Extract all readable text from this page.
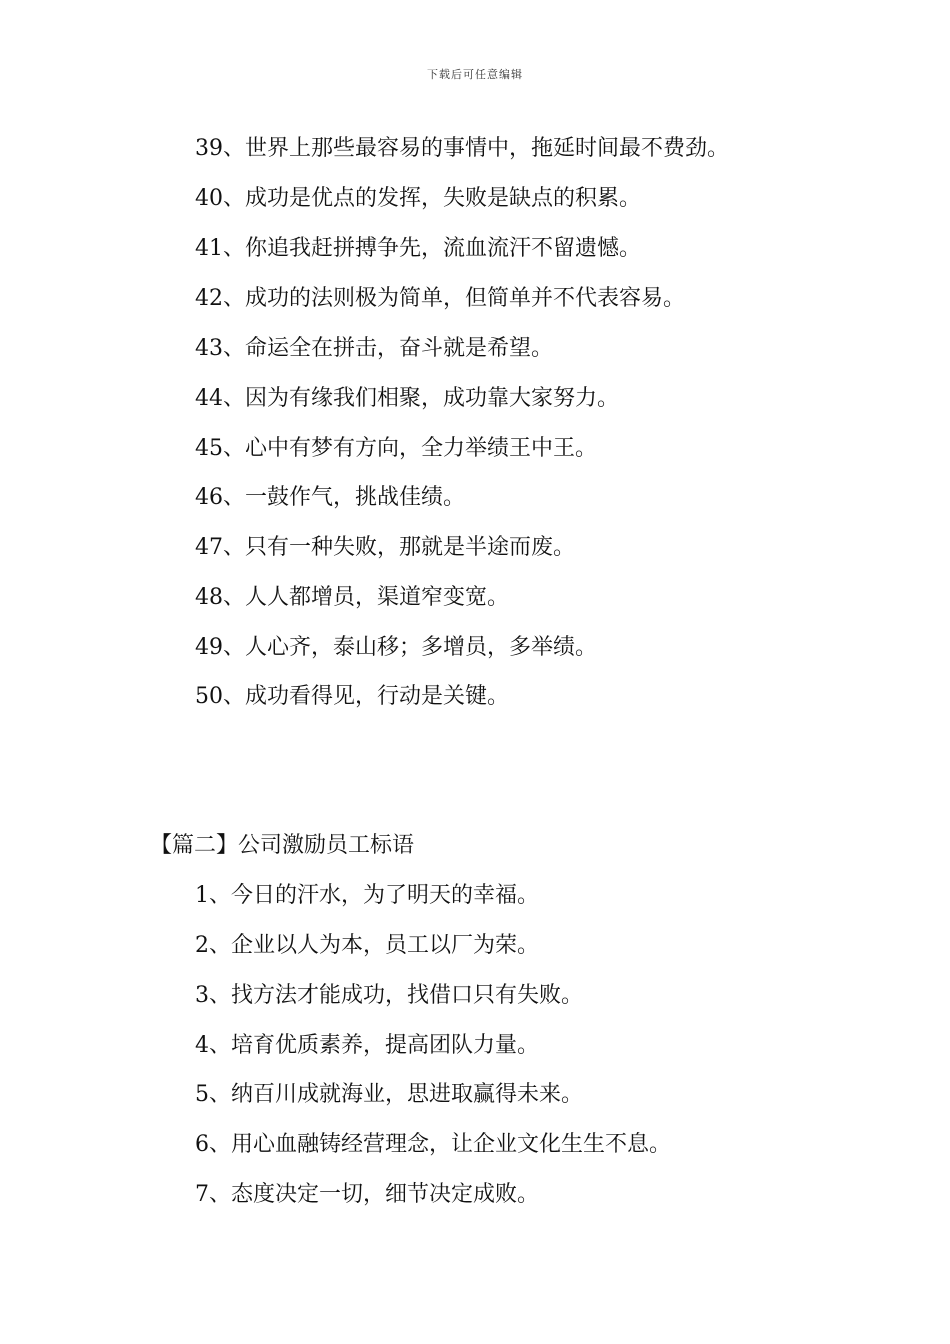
下载后可任意编辑
39、世界上那些最容易的事情中，拖延时间最不费劲。
40、成功是优点的发挥，失败是缺点的积累。
41、你追我赶拼搏争先，流血流汗不留遗憾。
42、成功的法则极为简单，但简单并不代表容易。
43、命运全在拼击，奋斗就是希望。
44、因为有缘我们相聚，成功靠大家努力。
45、心中有梦有方向，全力举绩王中王。
46、一鼓作气，挑战佳绩。
47、只有一种失败，那就是半途而废。
48、人人都增员，渠道窄变宽。
49、人心齐，泰山移；多增员，多举绩。
50、成功看得见，行动是关键。
【篇二】公司激励员工标语
1、今日的汗水，为了明天的幸福。
2、企业以人为本，员工以厂为荣。
3、找方法才能成功，找借口只有失败。
4、培育优质素养，提高团队力量。
5、纳百川成就海业，思进取赢得未来。
6、用心血融铸经营理念，让企业文化生生不息。
7、态度决定一切，细节决定成败。
